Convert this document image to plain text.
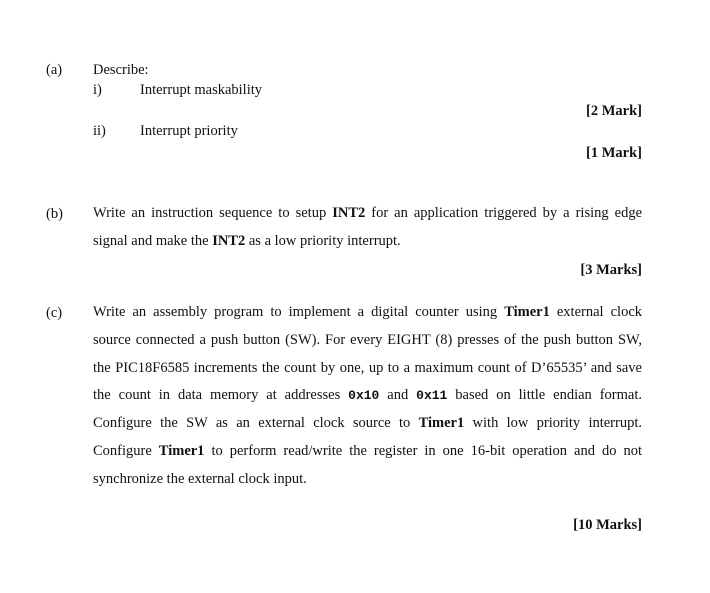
(a) Describe:
i)	Interrupt maskability
[2 Mark]
ii) Interrupt priority
[1 Mark]
(b) Write an instruction sequence to setup INT2 for an application triggered by a rising edge signal and make the INT2 as a low priority interrupt.
[3 Marks]
(c) Write an assembly program to implement a digital counter using Timer1 external clock source connected a push button (SW). For every EIGHT (8) presses of the push button SW, the PIC18F6585 increments the count by one, up to a maximum count of D’65535’ and save the count in data memory at addresses 0x10 and 0x11 based on little endian format. Configure the SW as an external clock source to Timer1 with low priority interrupt. Configure Timer1 to perform read/write the register in one 16-bit operation and do not synchronize the external clock input.
[10 Marks]
